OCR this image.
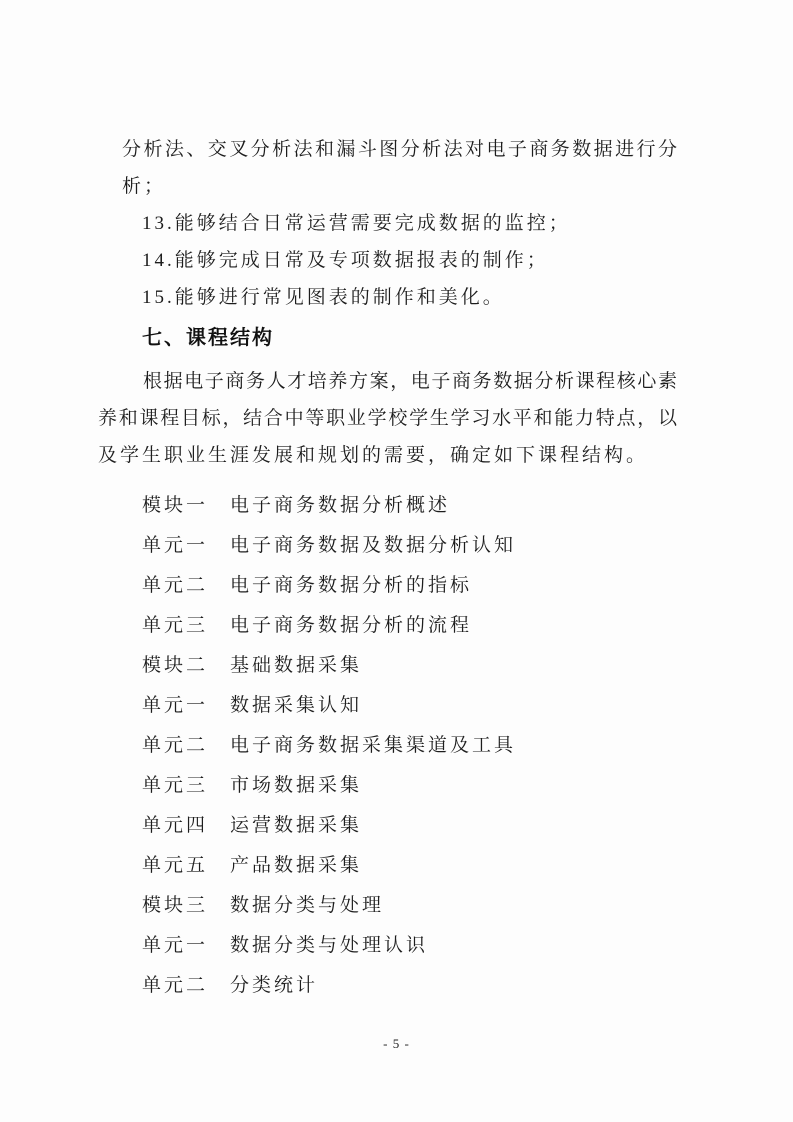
分析法、交叉分析法和漏斗图分析法对电子商务数据进行分
析；
13.能够结合日常运营需要完成数据的监控；
14.能够完成日常及专项数据报表的制作；
15.能够进行常见图表的制作和美化。
七、课程结构
根据电子商务人才培养方案，电子商务数据分析课程核心素
养和课程目标，结合中等职业学校学生学习水平和能力特点，以
及学生职业生涯发展和规划的需要，确定如下课程结构。
模块一　电子商务数据分析概述
单元一　电子商务数据及数据分析认知
单元二　电子商务数据分析的指标
单元三　电子商务数据分析的流程
模块二　基础数据采集
单元一　数据采集认知
单元二　电子商务数据采集渠道及工具
单元三　市场数据采集
单元四　运营数据采集
单元五　产品数据采集
模块三　数据分类与处理
单元一　数据分类与处理认识
单元二　分类统计
- 5 -
